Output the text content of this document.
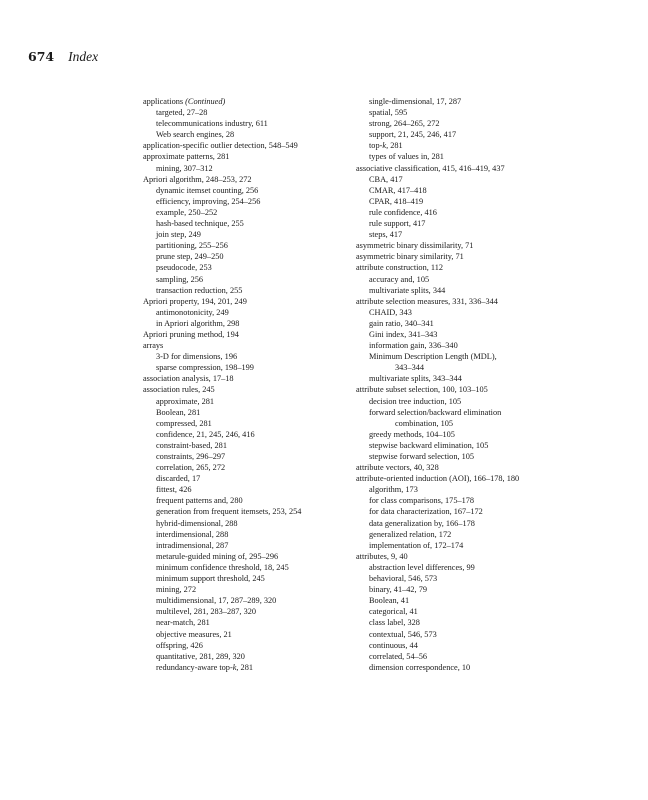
674 Index
applications (Continued)
targeted, 27–28
telecommunications industry, 611
Web search engines, 28
application-specific outlier detection, 548–549
approximate patterns, 281
mining, 307–312
Apriori algorithm, 248–253, 272
dynamic itemset counting, 256
efficiency, improving, 254–256
example, 250–252
hash-based technique, 255
join step, 249
partitioning, 255–256
prune step, 249–250
pseudocode, 253
sampling, 256
transaction reduction, 255
Apriori property, 194, 201, 249
antimonotonicity, 249
in Apriori algorithm, 298
Apriori pruning method, 194
arrays
3-D for dimensions, 196
sparse compression, 198–199
association analysis, 17–18
association rules, 245
approximate, 281
Boolean, 281
compressed, 281
confidence, 21, 245, 246, 416
constraint-based, 281
constraints, 296–297
correlation, 265, 272
discarded, 17
fittest, 426
frequent patterns and, 280
generation from frequent itemsets, 253, 254
hybrid-dimensional, 288
interdimensional, 288
intradimensional, 287
metarule-guided mining of, 295–296
minimum confidence threshold, 18, 245
minimum support threshold, 245
mining, 272
multidimensional, 17, 287–289, 320
multilevel, 281, 283–287, 320
near-match, 281
objective measures, 21
offspring, 426
quantitative, 281, 289, 320
redundancy-aware top-k, 281
single-dimensional, 17, 287
spatial, 595
strong, 264–265, 272
support, 21, 245, 246, 417
top-k, 281
types of values in, 281
associative classification, 415, 416–419, 437
CBA, 417
CMAR, 417–418
CPAR, 418–419
rule confidence, 416
rule support, 417
steps, 417
asymmetric binary dissimilarity, 71
asymmetric binary similarity, 71
attribute construction, 112
accuracy and, 105
multivariate splits, 344
attribute selection measures, 331, 336–344
CHAID, 343
gain ratio, 340–341
Gini index, 341–343
information gain, 336–340
Minimum Description Length (MDL),
343–344
multivariate splits, 343–344
attribute subset selection, 100, 103–105
decision tree induction, 105
forward selection/backward elimination
combination, 105
greedy methods, 104–105
stepwise backward elimination, 105
stepwise forward selection, 105
attribute vectors, 40, 328
attribute-oriented induction (AOI), 166–178, 180
algorithm, 173
for class comparisons, 175–178
for data characterization, 167–172
data generalization by, 166–178
generalized relation, 172
implementation of, 172–174
attributes, 9, 40
abstraction level differences, 99
behavioral, 546, 573
binary, 41–42, 79
Boolean, 41
categorical, 41
class label, 328
contextual, 546, 573
continuous, 44
correlated, 54–56
dimension correspondence, 10
